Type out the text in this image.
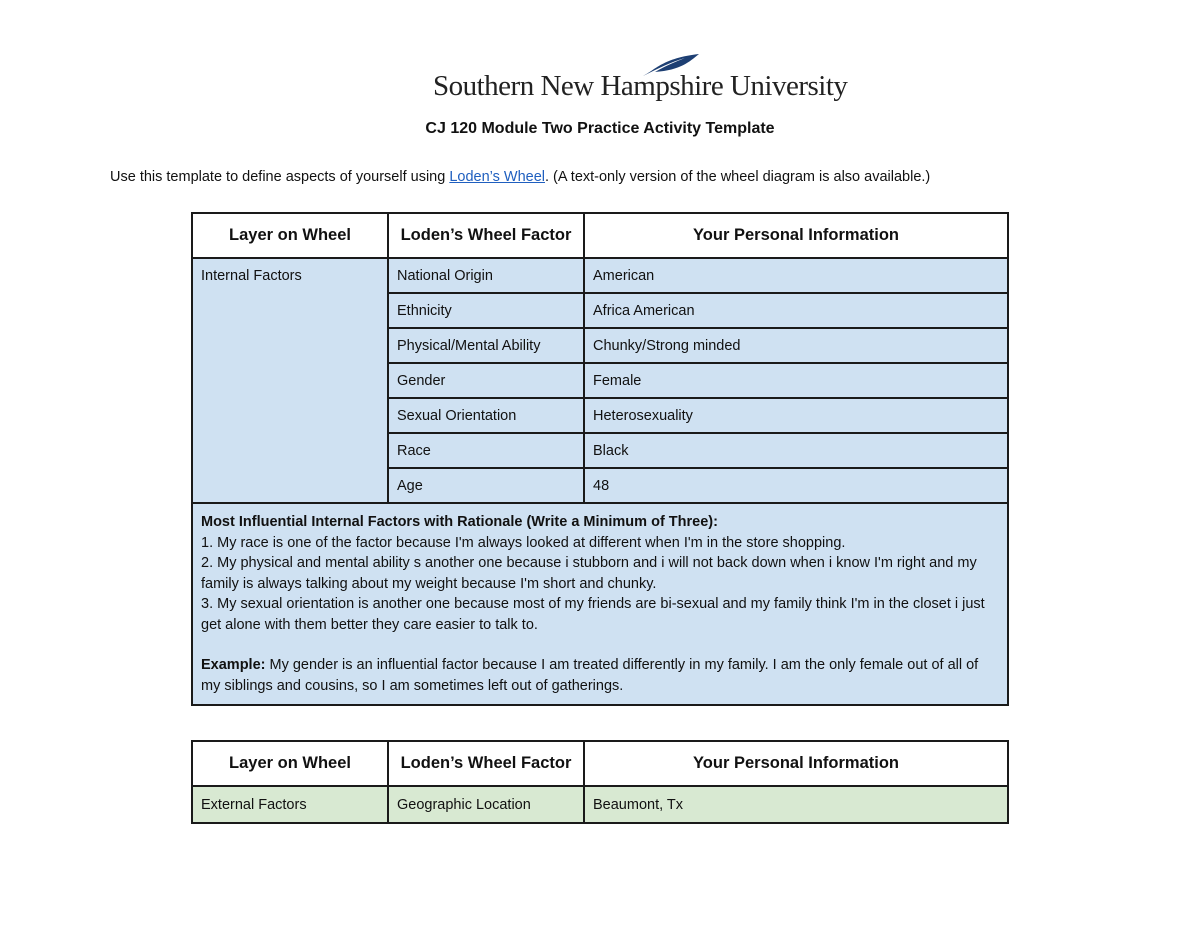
Southern New Hampshire University
CJ 120 Module Two Practice Activity Template
Use this template to define aspects of yourself using Loden’s Wheel. (A text-only version of the wheel diagram is also available.)
Layer on Wheel	Loden’s Wheel Factor	Your Personal Information
Internal Factors	National Origin	American
	Ethnicity	Africa American
	Physical/Mental Ability	Chunky/Strong minded
	Gender	Female
	Sexual Orientation	Heterosexuality
	Race	Black
	Age	48

Most Influential Internal Factors with Rationale (Write a Minimum of Three):

1. My race is one of the factor because I'm always looked at different when I'm in the store shopping.

2. My physical and mental ability s another one because i stubborn and i will not back down when i know I'm right and my family is always talking about my weight because I'm short and chunky.

3. My sexual orientation is another one because most of my friends are bi-sexual and my family think I'm in the closet i just get alone with them better they care easier to talk to.

Example: My gender is an influential factor because I am treated differently in my family. I am the only female out of all of my siblings and cousins, so I am sometimes left out of gatherings.		

Layer on Wheel	Loden’s Wheel Factor	Your Personal Information
External Factors	Geographic Location	Beaumont, Tx
